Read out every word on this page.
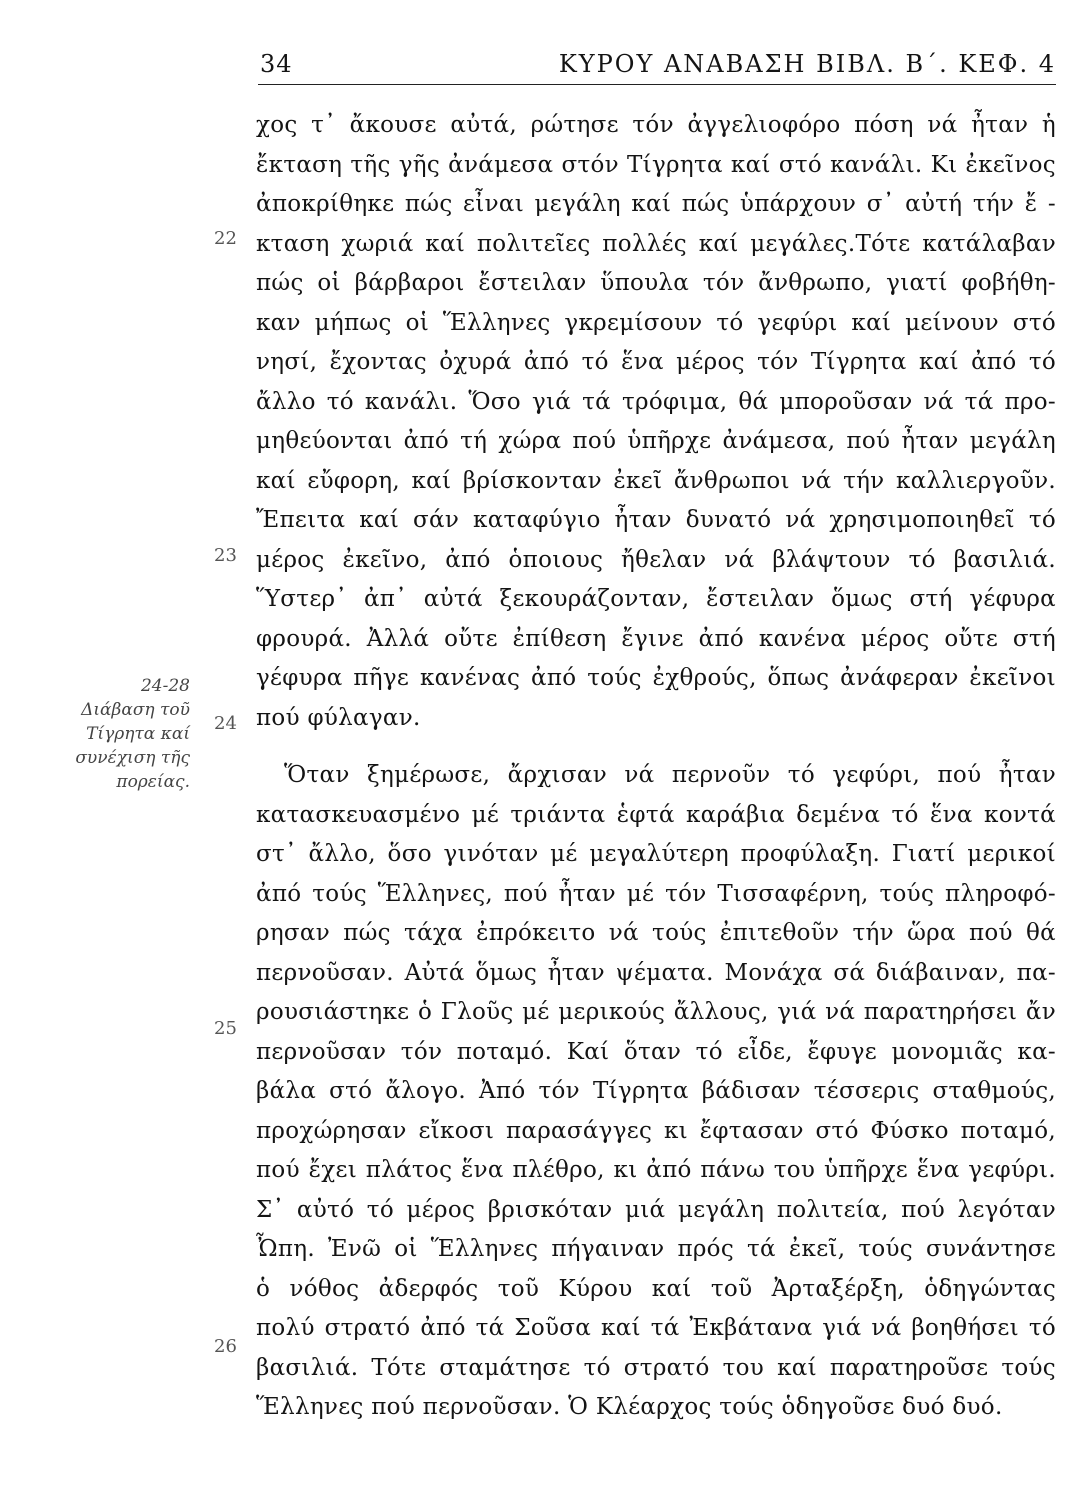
34	ΚΥΡΟΥ ΑΝΑΒΑΣΗ ΒΙΒΛ. Β΄. ΚΕΦ. 4
24-28
Διάβαση τοῦ
Τίγρητα καί
συνέχιση τῆς
πορείας.
22
23
24
25
26
χος τ᾿ ἄκουσε αὐτά, ρώτησε τόν ἀγγελιοφόρο πόση νά ἦταν ἡ
ἔκταση τῆς γῆς ἀνάμεσα στόν Τίγρητα καί στό κανάλι. Κι ἐκεῖνος
ἀποκρίθηκε πώς εἶναι μεγάλη καί πώς ὑπάρχουν σ᾿ αὐτή τήν ἔ -
κταση χωριά καί πολιτεῖες πολλές καί μεγάλες.Τότε κατάλαβαν
πώς οἱ βάρβαροι ἔστειλαν ὕπουλα τόν ἄνθρωπο, γιατί φοβήθη-
καν μήπως οἱ Ἕλληνες γκρεμίσουν τό γεφύρι καί μείνουν στό
νησί, ἔχοντας ὀχυρά ἀπό τό ἕνα μέρος τόν Τίγρητα καί ἀπό τό
ἄλλο τό κανάλι. Ὅσο γιά τά τρόφιμα, θά μποροῦσαν νά τά προ-
μηθεύονται ἀπό τή χώρα πού ὑπῆρχε ἀνάμεσα, πού ἦταν μεγάλη
καί εὔφορη, καί βρίσκονταν ἐκεῖ ἄνθρωποι νά τήν καλλιεργοῦν.
Ἔπειτα καί σάν καταφύγιο ἦταν δυνατό νά χρησιμοποιηθεῖ τό
μέρος ἐκεῖνο, ἀπό ὁποιους ἤθελαν νά βλάψτουν τό βασιλιά.
Ὕστερ᾿ ἀπ᾿ αὐτά ξεκουράζονταν, ἔστειλαν ὅμως στή γέφυρα
φρουρά. Ἀλλά οὔτε ἐπίθεση ἔγινε ἀπό κανένα μέρος οὔτε στή
γέφυρα πῆγε κανένας ἀπό τούς ἐχθρούς, ὅπως ἀνάφεραν ἐκεῖνοι
πού φύλαγαν.
Ὅταν ξημέρωσε, ἄρχισαν νά περνοῦν τό γεφύρι, πού ἦταν
κατασκευασμένο μέ τριάντα ἑφτά καράβια δεμένα τό ἕνα κοντά
στ᾿ ἄλλο, ὅσο γινόταν μέ μεγαλύτερη προφύλαξη. Γιατί μερικοί
ἀπό τούς Ἕλληνες, πού ἦταν μέ τόν Τισσαφέρνη, τούς πληροφό-
ρησαν πώς τάχα ἐπρόκειτο νά τούς ἐπιτεθοῦν τήν ὥρα πού θά
περνοῦσαν. Αὐτά ὅμως ἦταν ψέματα. Μονάχα σά διάβαιναν, πα-
ρουσιάστηκε ὁ Γλοῦς μέ μερικούς ἄλλους, γιά νά παρατηρήσει ἄν
περνοῦσαν τόν ποταμό. Καί ὅταν τό εἶδε, ἔφυγε μονομιᾶς κα-
βάλα στό ἄλογο. Ἀπό τόν Τίγρητα βάδισαν τέσσερις σταθμούς,
προχώρησαν εἴκοσι παρασάγγες κι ἔφτασαν στό Φύσκο ποταμό,
πού ἔχει πλάτος ἕνα πλέθρο, κι ἀπό πάνω του ὑπῆρχε ἕνα γεφύρι.
Σ᾿ αὐτό τό μέρος βρισκόταν μιά μεγάλη πολιτεία, πού λεγόταν
Ὦπη. Ἐνῶ οἱ Ἕλληνες πήγαιναν πρός τά ἐκεῖ, τούς συνάντησε
ὁ νόθος ἀδερφός τοῦ Κύρου καί τοῦ Ἀρταξέρξη, ὁδηγώντας
πολύ στρατό ἀπό τά Σοῦσα καί τά Ἐκβάτανα γιά νά βοηθήσει τό
βασιλιά. Τότε σταμάτησε τό στρατό του καί παρατηροῦσε τούς
Ἕλληνες πού περνοῦσαν. Ὁ Κλέαρχος τούς ὁδηγοῦσε δυό δυό.
